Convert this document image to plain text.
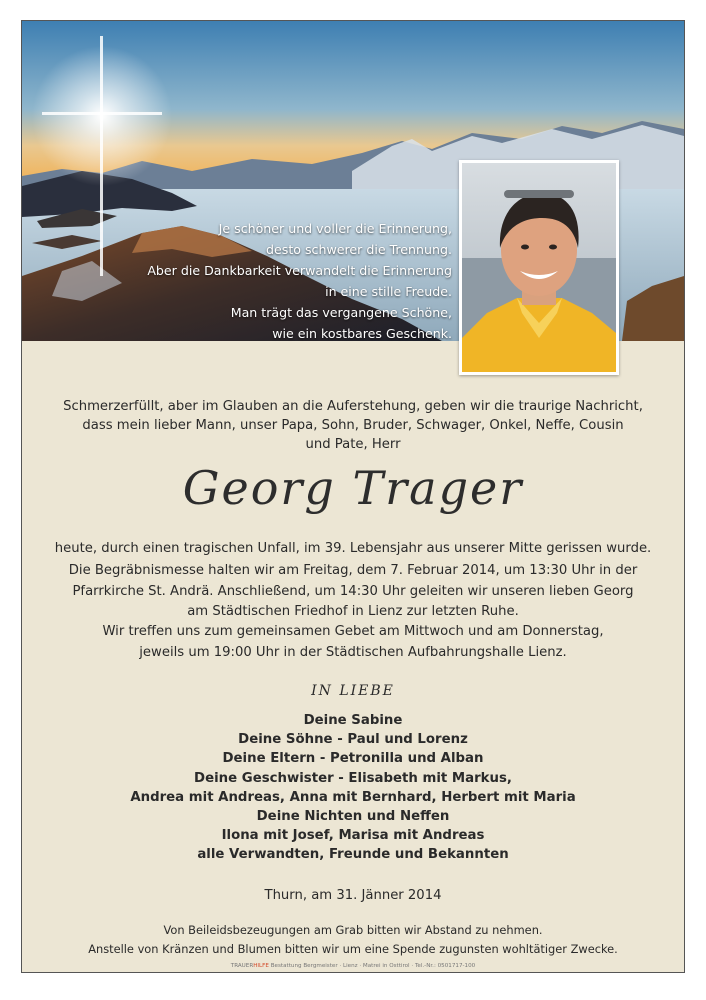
Je schöner und voller die Erinnerung,
desto schwerer die Trennung.
Aber die Dankbarkeit verwandelt die Erinnerung
in eine stille Freude.
Man trägt das vergangene Schöne,
wie ein kostbares Geschenk.
Schmerzerfüllt, aber im Glauben an die Auferstehung, geben wir die traurige Nachricht,
dass mein lieber Mann, unser Papa, Sohn, Bruder, Schwager, Onkel, Neffe, Cousin
und Pate, Herr
Georg Trager
heute, durch einen tragischen Unfall, im 39. Lebensjahr aus unserer Mitte gerissen wurde.
Die Begräbnismesse halten wir am Freitag, dem 7. Februar 2014, um 13:30 Uhr in der
Pfarrkirche St. Andrä. Anschließend, um 14:30 Uhr geleiten wir unseren lieben Georg
am Städtischen Friedhof in Lienz zur letzten Ruhe.
Wir treffen uns zum gemeinsamen Gebet am Mittwoch und am Donnerstag,
jeweils um 19:00 Uhr in der Städtischen Aufbahrungshalle Lienz.
IN LIEBE
Deine Sabine
Deine Söhne - Paul und Lorenz
Deine Eltern - Petronilla und Alban
Deine Geschwister - Elisabeth mit Markus,
Andrea mit Andreas, Anna mit Bernhard, Herbert mit Maria
Deine Nichten und Neffen
Ilona mit Josef, Marisa mit Andreas
alle Verwandten, Freunde und Bekannten
Thurn, am 31. Jänner 2014
Von Beileidsbezeugungen am Grab bitten wir Abstand zu nehmen.
Anstelle von Kränzen und Blumen bitten wir um eine Spende zugunsten wohltätiger Zwecke.
TRAUERHILFE Bestattung Bergmeister · Lienz · Matrei in Osttirol · Tel.-Nr.: 0501717-100
